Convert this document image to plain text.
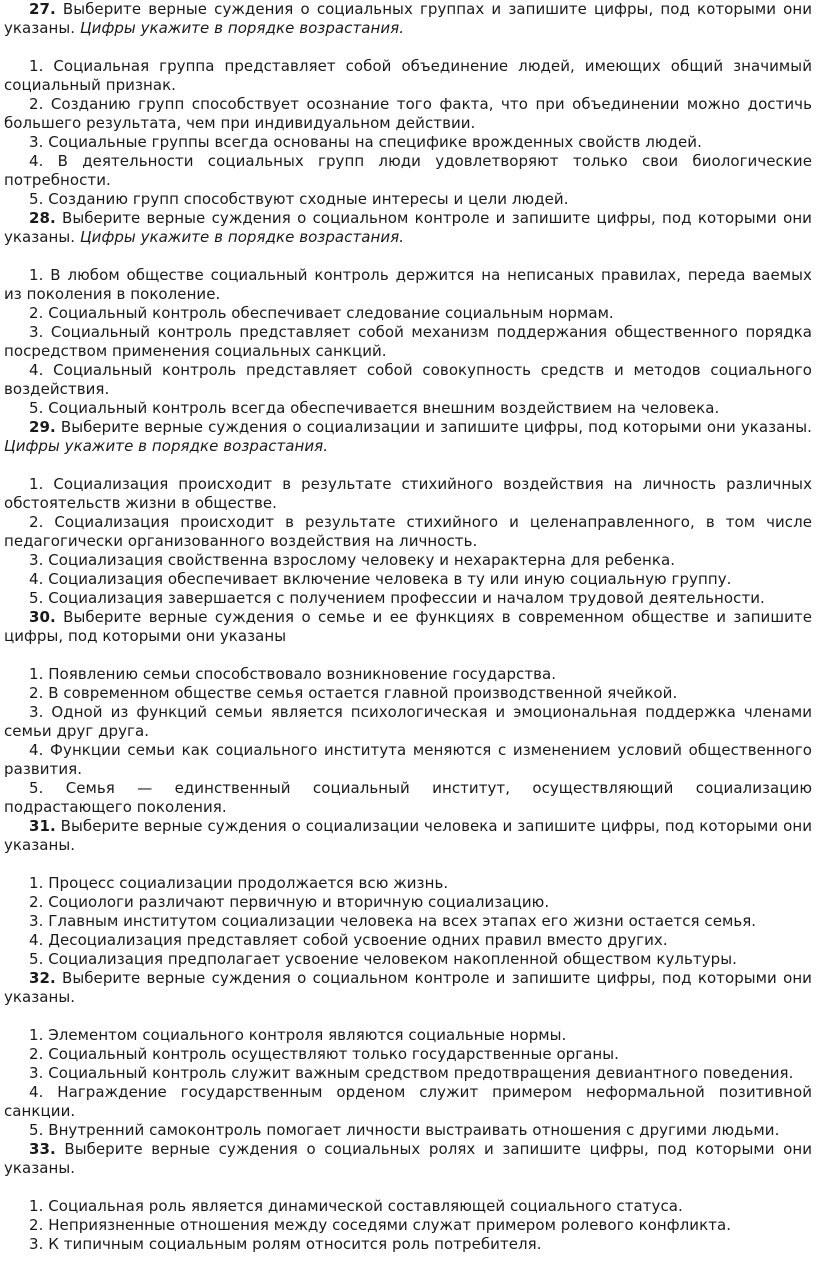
27. Выберите верные суждения о социальных группах и запишите цифры, под которыми они указаны. Цифры укажите в порядке возрастания.

1. Социальная группа представляет собой объединение людей, имеющих общий значимый социальный признак.

2. Созданию групп способствует осознание того факта, что при объединении можно достичь большего результата, чем при индивидуальном действии.

3. Социальные группы всегда основаны на специфике врожденных свойств людей.

4. В деятельности социальных групп люди удовлетворяют только свои биологические потребности.

5. Созданию групп способствуют сходные интересы и цели людей.

28. Выберите верные суждения о социальном контроле и запишите цифры, под которыми они указаны. Цифры укажите в порядке возрастания.

1. В любом обществе социальный контроль держится на неписаных правилах, переда ваемых из поколения в поколение.

2. Социальный контроль обеспечивает следование социальным нормам.

3. Социальный контроль представляет собой механизм поддержания общественного порядка посредством применения социальных санкций.

4. Социальный контроль представляет собой совокупность средств и методов социального воздействия.

5. Социальный контроль всегда обеспечивается внешним воздействием на человека.

29. Выберите верные суждения о социализации и запишите цифры, под которыми они указаны. Цифры укажите в порядке возрастания.

1. Социализация происходит в результате стихийного воздействия на личность различных обстоятельств жизни в обществе.

2. Социализация происходит в результате стихийного и целенаправленного, в том числе педагогически организованного воздействия на личность.

3. Социализация свойственна взрослому человеку и нехарактерна для ребенка.

4. Социализация обеспечивает включение человека в ту или иную социальную группу.

5. Социализация завершается с получением профессии и началом трудовой деятельности.

30. Выберите верные суждения о семье и ее функциях в современном обществе и запишите цифры, под которыми они указаны

1. Появлению семьи способствовало возникновение государства.

2. В современном обществе семья остается главной производственной ячейкой.

3. Одной из функций семьи является психологическая и эмоциональная поддержка членами семьи друг друга.

4. Функции семьи как социального института меняются с изменением условий общественного развития.

5. Семья — единственный социальный институт, осуществляющий социализацию подрастающего поколения.

31. Выберите верные суждения о социализации человека и запишите цифры, под которыми они указаны.

1. Процесс социализации продолжается всю жизнь.

2. Социологи различают первичную и вторичную социализацию.

3. Главным институтом социализации человека на всех этапах его жизни остается семья.

4. Десоциализация представляет собой усвоение одних правил вместо других.

5. Социализация предполагает усвоение человеком накопленной обществом культуры.

32. Выберите верные суждения о социальном контроле и запишите цифры, под которыми они указаны.

1. Элементом социального контроля являются социальные нормы.

2. Социальный контроль осуществляют только государственные органы.

3. Социальный контроль служит важным средством предотвращения девиантного поведения.

4. Награждение государственным орденом служит примером неформальной позитивной санкции.

5. Внутренний самоконтроль помогает личности выстраивать отношения с другими людьми.

33. Выберите верные суждения о социальных ролях и запишите цифры, под которыми они указаны.

1. Социальная роль является динамической составляющей социального статуса.

2. Неприязненные отношения между соседями служат примером ролевого конфликта.

3. К типичным социальным ролям относится роль потребителя.
